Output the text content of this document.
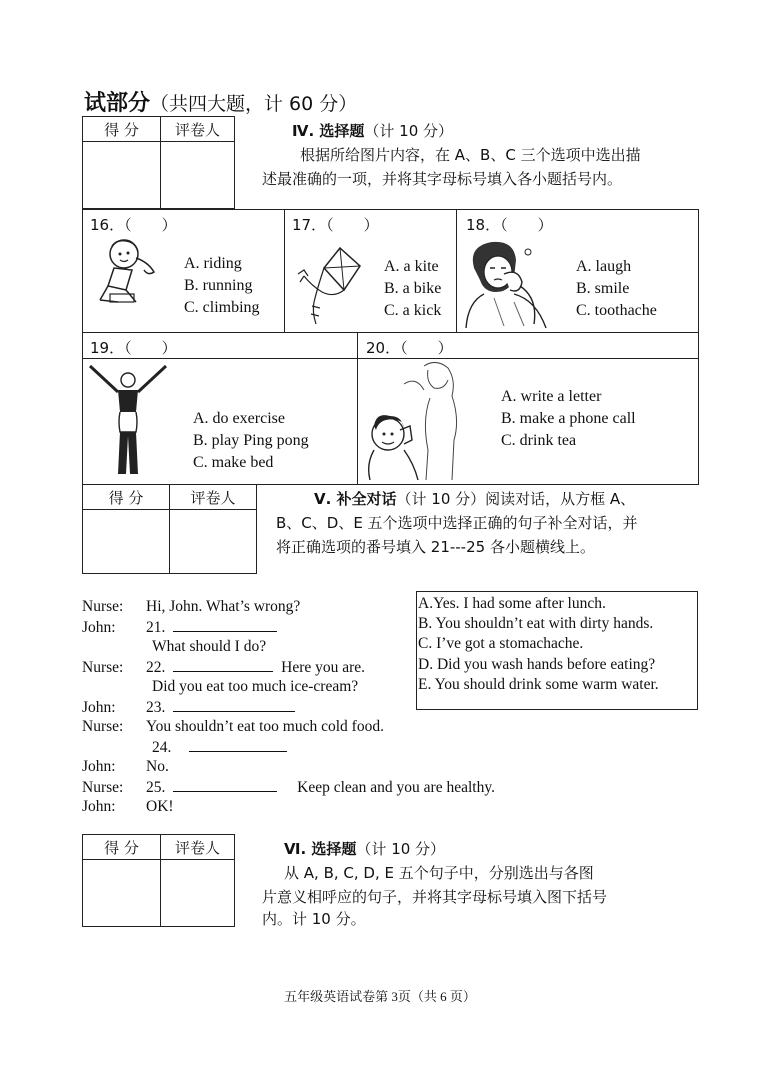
试部分（共四大题，计 60 分）
得 分	评卷人
		Ⅳ. 选择题（计 10 分）
根据所给图片内容，在 A、B、C 三个选项中选出描
述最准确的一项，并将其字母标号填入各小题括号内。
16．（　　）
A. riding
B. running
C. climbing
17．（　　）
A. a kite
B. a bike
C. a kick
18．（　　）
A. laugh
B. smile
C. toothache
19．（　　）
A. do exercise
B. play Ping pong
C. make bed
20．（　　）
A. write a letter
B. make a phone call
C. drink tea
得 分	评卷人
		Ⅴ. 补全对话（计 10 分）阅读对话，从方框 A、
B、C、D、E 五个选项中选择正确的句子补全对话，并
将正确选项的番号填入 21---25 各小题横线上。
Nurse: Hi, John. What’s wrong?
John: 21.
What should I do?
Nurse: 22.	Here you are.
Did you eat too much ice-cream?
John: 23.
Nurse: You shouldn’t eat too much cold food.
24.
John: No.
Nurse: 25.	Keep clean and you are healthy.
John: OK!
A.Yes. I had some after lunch.
B. You shouldn’t eat with dirty hands.
C. I’ve got a stomachache.
D. Did you wash hands before eating?
E. You should drink some warm water.
得 分	评卷人
		Ⅵ. 选择题（计 10 分）
从 A, B, C, D, E 五个句子中，分别选出与各图
片意义相呼应的句子，并将其字母标号填入图下括号
内。计 10 分。
五年级英语试卷第 3页（共 6 页）
